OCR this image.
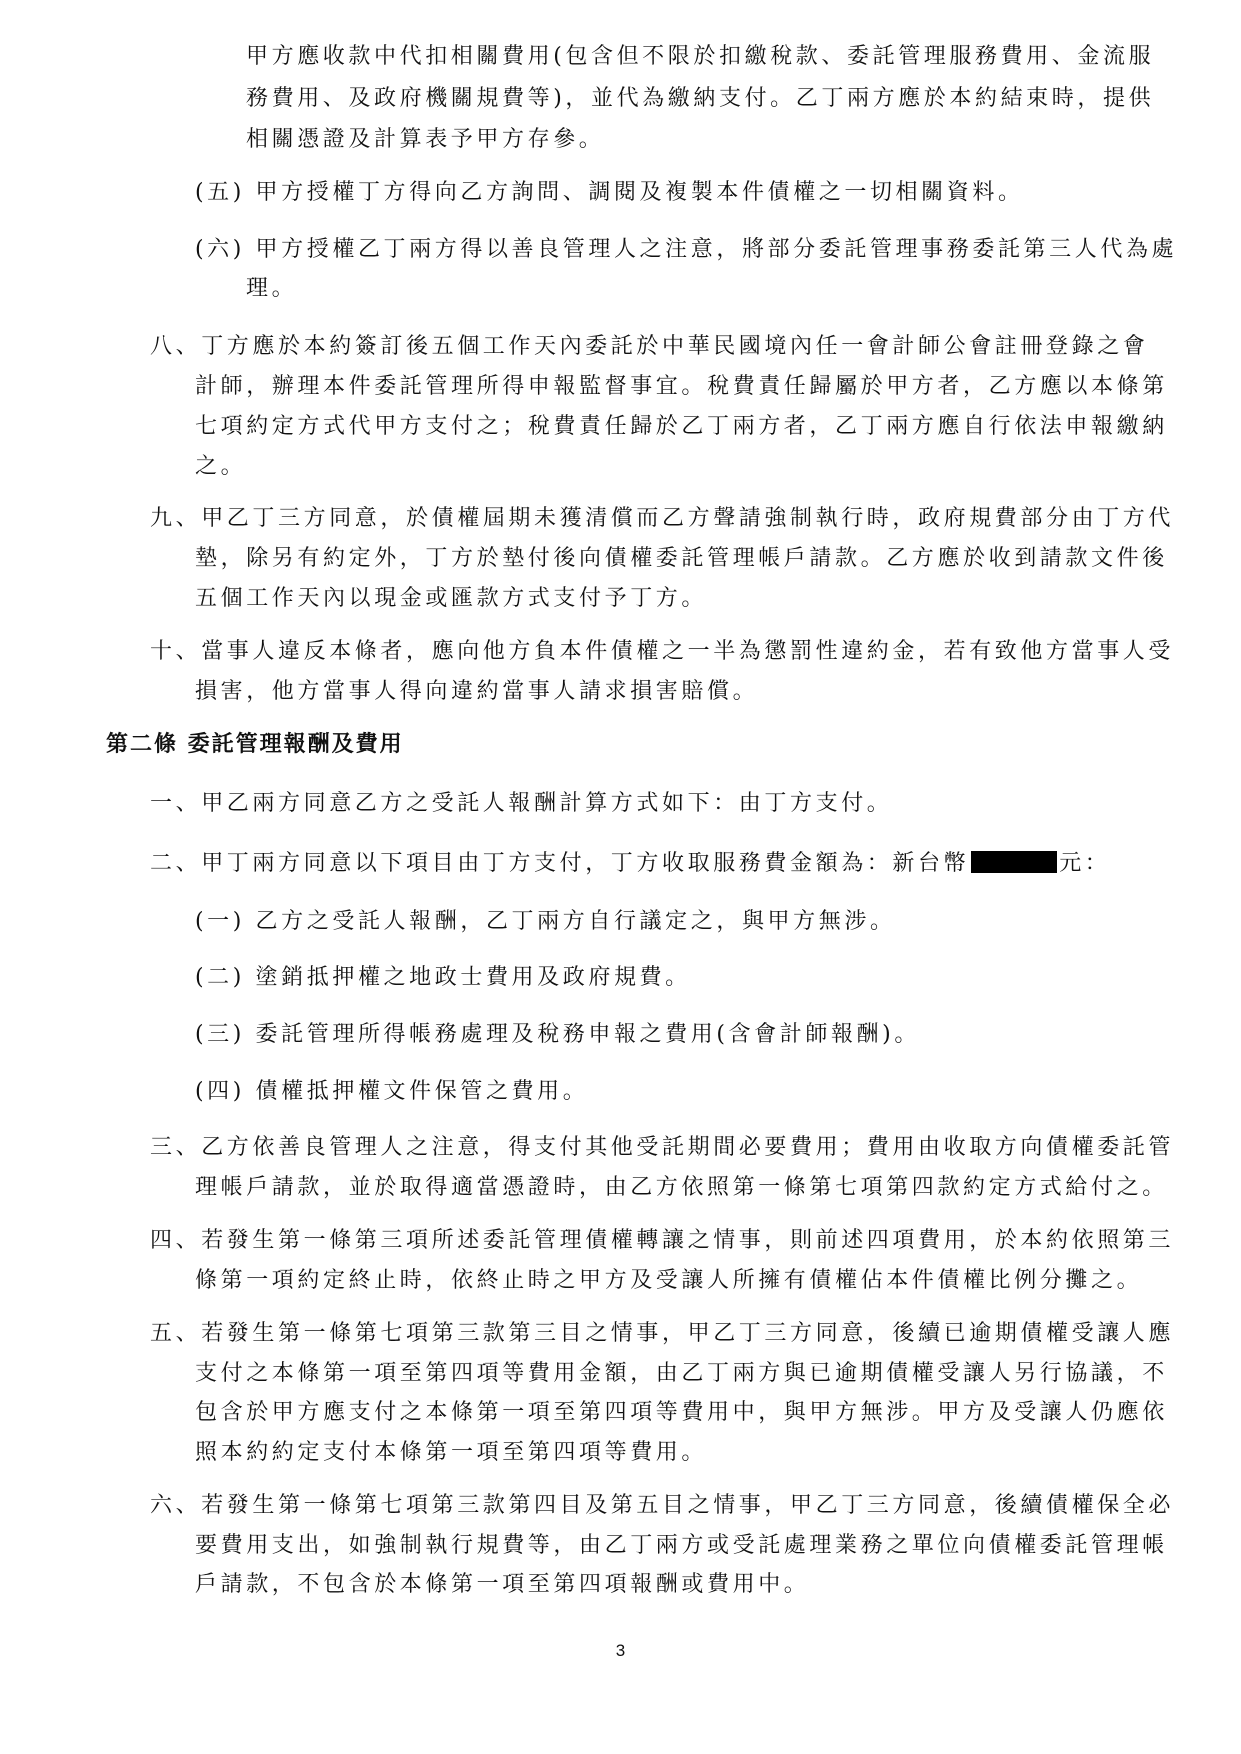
甲方應收款中代扣相關費用(包含但不限於扣繳稅款、委託管理服務費用、金流服

務費用、及政府機關規費等)，並代為繳納支付。乙丁兩方應於本約結束時，提供

相關憑證及計算表予甲方存參。

(五) 甲方授權丁方得向乙方詢問、調閱及複製本件債權之一切相關資料。

(六) 甲方授權乙丁兩方得以善良管理人之注意，將部分委託管理事務委託第三人代為處

理。

八、丁方應於本約簽訂後五個工作天內委託於中華民國境內任一會計師公會註冊登錄之會

計師，辦理本件委託管理所得申報監督事宜。稅費責任歸屬於甲方者，乙方應以本條第

七項約定方式代甲方支付之；稅費責任歸於乙丁兩方者，乙丁兩方應自行依法申報繳納

之。

九、甲乙丁三方同意，於債權屆期未獲清償而乙方聲請強制執行時，政府規費部分由丁方代

墊，除另有約定外，丁方於墊付後向債權委託管理帳戶請款。乙方應於收到請款文件後

五個工作天內以現金或匯款方式支付予丁方。

十、當事人違反本條者，應向他方負本件債權之一半為懲罰性違約金，若有致他方當事人受

損害，他方當事人得向違約當事人請求損害賠償。

第二條 委託管理報酬及費用

一、甲乙兩方同意乙方之受託人報酬計算方式如下：由丁方支付。

二、甲丁兩方同意以下項目由丁方支付，丁方收取服務費金額為：新台幣	元：

(一) 乙方之受託人報酬，乙丁兩方自行議定之，與甲方無涉。

(二) 塗銷抵押權之地政士費用及政府規費。

(三) 委託管理所得帳務處理及稅務申報之費用(含會計師報酬)。

(四) 債權抵押權文件保管之費用。

三、乙方依善良管理人之注意，得支付其他受託期間必要費用；費用由收取方向債權委託管

理帳戶請款，並於取得適當憑證時，由乙方依照第一條第七項第四款約定方式給付之。

四、若發生第一條第三項所述委託管理債權轉讓之情事，則前述四項費用，於本約依照第三

條第一項約定終止時，依終止時之甲方及受讓人所擁有債權佔本件債權比例分攤之。

五、若發生第一條第七項第三款第三目之情事，甲乙丁三方同意，後續已逾期債權受讓人應

支付之本條第一項至第四項等費用金額，由乙丁兩方與已逾期債權受讓人另行協議，不

包含於甲方應支付之本條第一項至第四項等費用中，與甲方無涉。甲方及受讓人仍應依

照本約約定支付本條第一項至第四項等費用。

六、若發生第一條第七項第三款第四目及第五目之情事，甲乙丁三方同意，後續債權保全必

要費用支出，如強制執行規費等，由乙丁兩方或受託處理業務之單位向債權委託管理帳

戶請款，不包含於本條第一項至第四項報酬或費用中。

3
